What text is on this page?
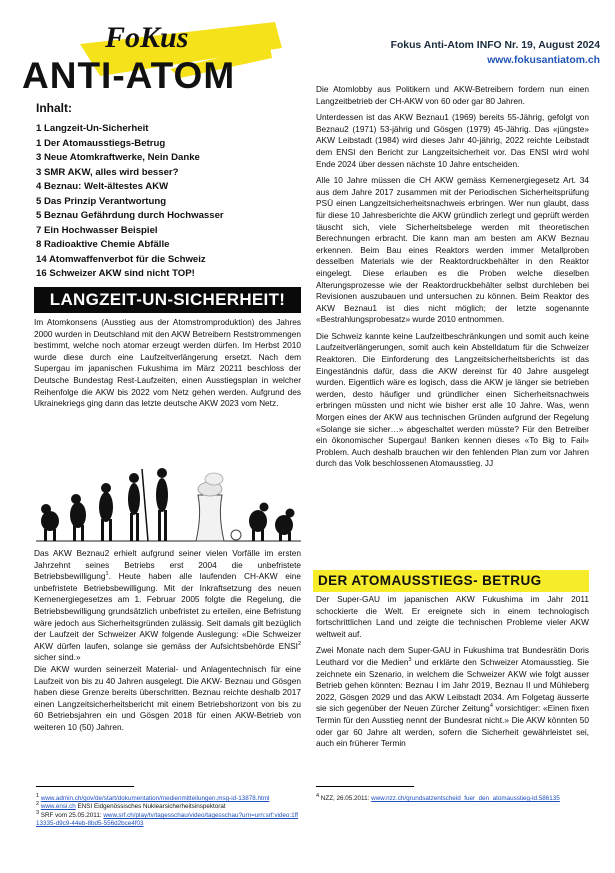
FoKus
ANTI-ATOM
Fokus Anti-Atom INFO Nr. 19, August 2024
www.fokusantiatom.ch
Inhalt:
1 Langzeit-Un-Sicherheit
1 Der Atomausstiegs-Betrug
3 Neue Atomkraftwerke, Nein Danke
3 SMR AKW, alles wird besser?
4 Beznau: Welt-ältestes AKW
5 Das Prinzip Verantwortung
5 Beznau Gefährdung durch Hochwasser
7 Ein Hochwasser Beispiel
8 Radioaktive Chemie Abfälle
14 Atomwaffenverbot für die Schweiz
16 Schweizer AKW sind nicht TOP!
LANGZEIT-UN-SICHERHEIT!

Im Atomkonsens (Ausstieg aus der Atomstromproduktion) des Jahres 2000 wurden in Deutschland mit den AKW Betreibern Reststrommengen bestimmt, welche noch atomar erzeugt werden dürfen. Im Herbst 2010 wurde diese durch eine Laufzeitverlängerung ersetzt. Nach dem Supergau im japanischen Fukushima im März 20211 beschloss der Deutsche Bundestag Rest-Laufzeiten, einen Ausstiegsplan in welcher Reihenfolge die AKW bis 2022 vom Netz gehen werden. Aufgrund des Ukrainekriegs ging dann das letzte deutsche AKW 2023 vom Netz.

Das AKW Beznau2 erhielt aufgrund seiner vielen Vorfälle im ersten Jahrzehnt seines Betriebs erst 2004 die unbefristete Betriebsbewilligung$^1$. Heute haben alle laufenden CH-AKW eine unbefristete Betriebsbewilligung. Mit der Inkraftsetzung des neuen Kernenergiegesetzes am 1. Februar 2005 folgte die Regelung, die Betriebsbewilligung grundsätzlich unbefristet zu erteilen, eine Befristung wäre jedoch aus Sicherheitsgründen zulässig. Seit damals gilt bezüglich der Laufzeit der Schweizer AKW folgende Auslegung: «Die Schweizer AKW dürfen laufen, solange sie gemäss der Aufsichtsbehörde ENSI$^2$ sicher sind.»

Die AKW wurden seinerzeit Material- und Anlagentechnisch für eine Laufzeit von bis zu 40 Jahren ausgelegt. Die AKW- Beznau und Gösgen haben diese Grenze bereits überschritten. Beznau reichte deshalb 2017 einen Langzeitsicherheitsbericht mit einem Betriebshorizont von bis zu 60 Betriebsjahren ein und Gösgen 2018 für einen AKW-Betrieb von weiteren 10 (50) Jahren.

$^1$ www.admin.ch/gov/de/start/dokumentation/medienmitteilungen.msg-id-13878.html
$^2$ www.ensi.ch ENSI Eidgenössisches Nuklearsicherheitsinspektorat
$^3$ SRF vom 25.05.2011: www.srf.ch/play/tv/tagesschau/video/tagesschau?urn=urn:srf:video:1ff13335-d9c9-44eb-8bd5-556d2bce4f03

Die Atomlobby aus Politikern und AKW-Betreibern fordern nun einen Langzeitbetrieb der CH-AKW von 60 oder gar 80 Jahren.

Unterdessen ist das AKW Beznau1 (1969) bereits 55-Jährig, gefolgt von Beznau2 (1971) 53-jährig und Gösgen (1979) 45-Jährig. Das «jüngste» AKW Leibstadt (1984) wird dieses Jahr 40-jährig, 2022 reichte Leibstadt dem ENSI den Bericht zur Langzeitsicherheit vor. Das ENSI wird wohl Ende 2024 über dessen nächste 10 Jahre entscheiden.

Alle 10 Jahre müssen die CH AKW gemäss Kernenergiegesetz Art. 34 aus dem Jahre 2017 zusammen mit der Periodischen Sicherheitsprüfung PSÜ einen Langzeitsicherheitsnachweis erbringen. Wer nun glaubt, dass für diese 10 Jahresberichte die AKW gründlich zerlegt und geprüft werden täuscht sich, viele Sicherheitsbelege werden mit theoretischen Berechnungen erbracht. Die kann man am besten am AKW Beznau erkennen. Beim Bau eines Reaktors werden immer Metallproben desselben Materials wie der Reaktordruckbehälter in den Reaktor eingelegt. Diese erlauben es die Proben welche dieselben Alterungsprozesse wie der Reaktordruckbehälter selbst durchleben bei Revisionen auszubauen und untersuchen zu können. Beim Reaktor des AKW Beznau1 ist dies nicht möglich; der letzte sogenannte «Bestrahlungsprobesatz» wurde 2010 entnommen.

Die Schweiz kannte keine Laufzeitbeschränkungen und somit auch keine Laufzeitverlängerungen, somit auch kein Abstelldatum für die Schweizer Reaktoren. Die Einforderung des Langzeitsicherheitsberichts ist das Eingeständnis dafür, dass die AKW dereinst für 40 Jahre ausgelegt wurden. Eigentlich wäre es logisch, dass die AKW je länger sie betrieben werden, desto häufiger und gründlicher einen Sicherheitsnachweis erbringen müssten und nicht wie bisher erst alle 10 Jahre. Was, wenn Morgen eines der AKW aus technischen Gründen aufgrund der Regelung «Solange sie sicher…» abgeschaltet werden müsste? Für den Betreiber ein ökonomischer Supergau! Banken kennen dieses «To Big to Fail» Problem. Auch deshalb brauchen wir den fehlenden Plan zum vor Jahren durch das Volk beschlossenen Atomausstieg. JJ

DER ATOMAUSSTIEGS- BETRUG

Der Super-GAU im japanischen AKW Fukushima im Jahr 2011 schockierte die Welt. Er ereignete sich in einem technologisch fortschrittlichen Land und zeigte die technischen Probleme vieler AKW weltweit auf.

Zwei Monate nach dem Super-GAU in Fukushima trat Bundesrätin Doris Leuthard vor die Medien$^3$ und erklärte den Schweizer Atomausstieg. Sie zeichnete ein Szenario, in welchem die Schweizer AKW wie folgt ausser Betrieb gehen könnten: Beznau I im Jahr 2019, Beznau II und Mühleberg 2022, Gösgen 2029 und das AKW Leibstadt 2034. Am Folgetag äusserte sie sich gegenüber der Neuen Zürcher Zeitung$^4$ vorsichtiger: «Einen fixen Termin für den Ausstieg nennt der Bundesrat nicht.» Die AKW könnten 50 oder gar 60 Jahre alt werden, sofern die Sicherheit gewährleistet sei, auch ein früherer Termin

$^4$ NZZ, 26.05.2011: www.nzz.ch/grundsatzentscheid_fuer_den_atomausstieg-ld.586135
